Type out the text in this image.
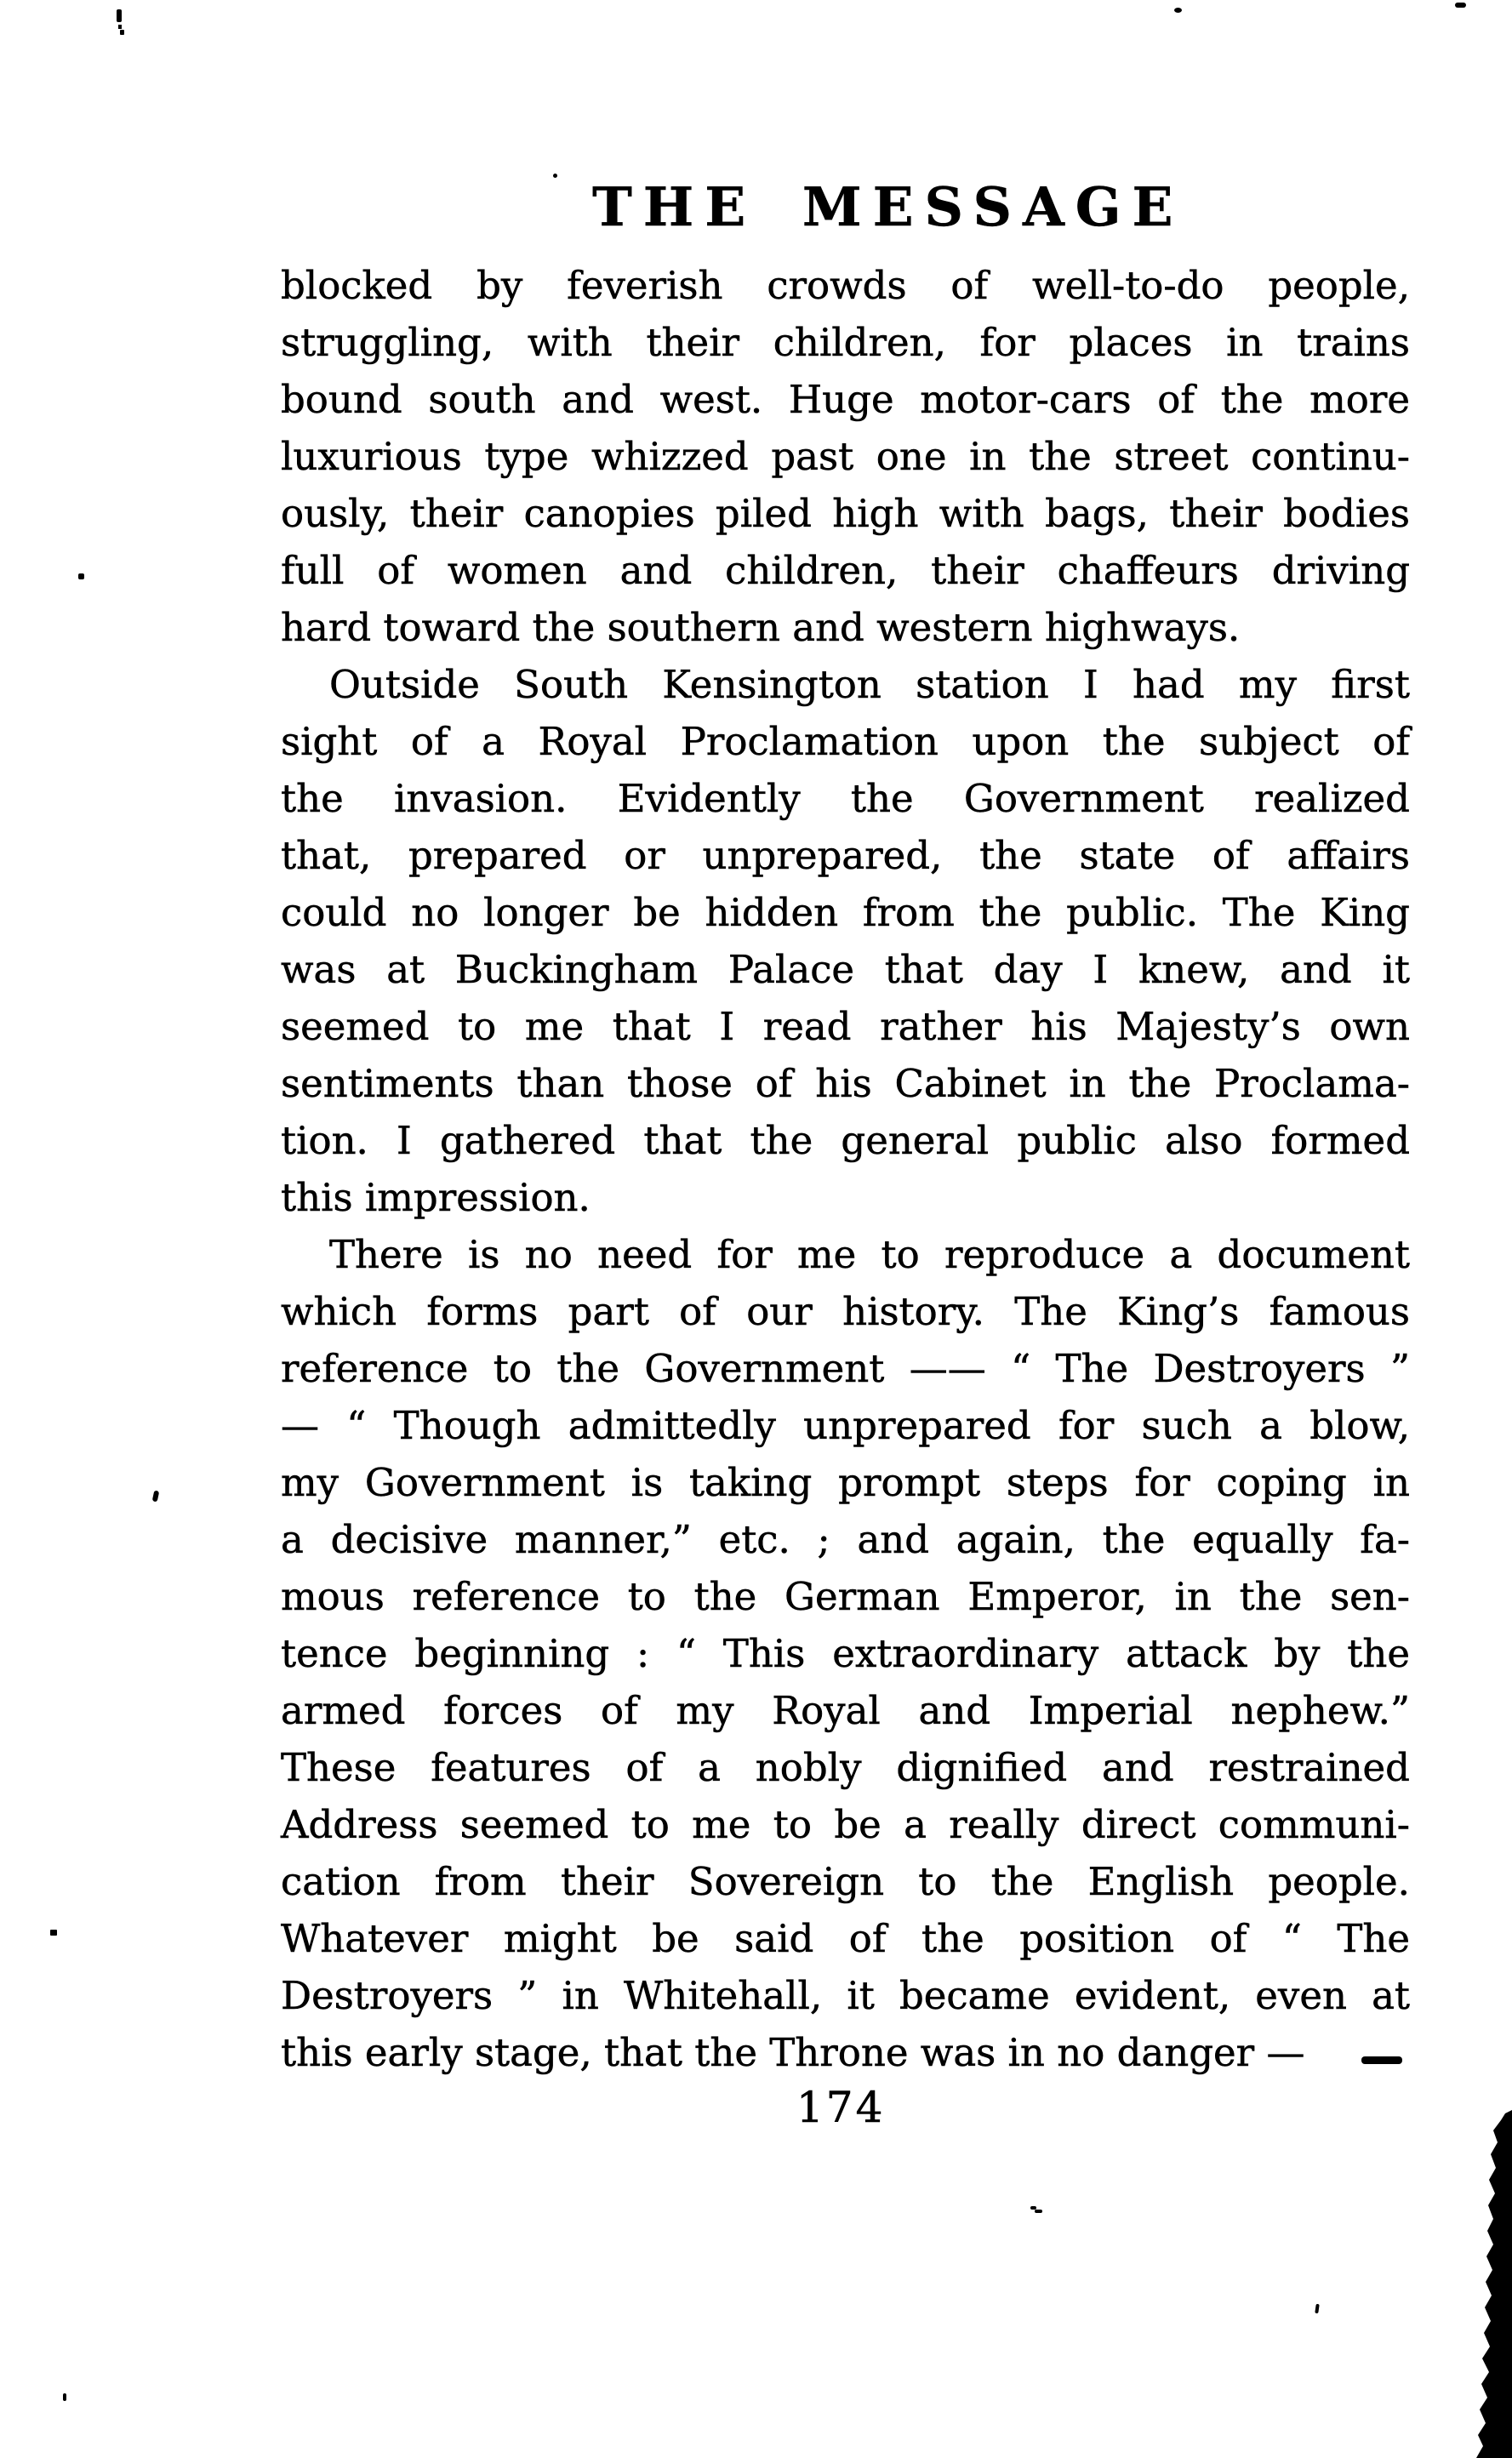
THE MESSAGE
blocked by feverish crowds of well-to-do people,
struggling, with their children, for places in trains
bound south and west. Huge motor-cars of the more
luxurious type whizzed past one in the street continu-
ously, their canopies piled high with bags, their bodies
full of women and children, their chaffeurs driving
hard toward the southern and western highways.
Outside South Kensington station I had my first
sight of a Royal Proclamation upon the subject of
the invasion. Evidently the Government realized
that, prepared or unprepared, the state of affairs
could no longer be hidden from the public. The King
was at Buckingham Palace that day I knew, and it
seemed to me that I read rather his Majesty’s own
sentiments than those of his Cabinet in the Proclama-
tion. I gathered that the general public also formed
this impression.
There is no need for me to reproduce a document
which forms part of our history. The King’s famous
reference to the Government —— “ The Destroyers ”
— “ Though admittedly unprepared for such a blow,
my Government is taking prompt steps for coping in
a decisive manner,” etc. ; and again, the equally fa-
mous reference to the German Emperor, in the sen-
tence beginning : “ This extraordinary attack by the
armed forces of my Royal and Imperial nephew.”
These features of a nobly dignified and restrained
Address seemed to me to be a really direct communi-
cation from their Sovereign to the English people.
Whatever might be said of the position of “ The
Destroyers ” in Whitehall, it became evident, even at
this early stage, that the Throne was in no danger —
174
